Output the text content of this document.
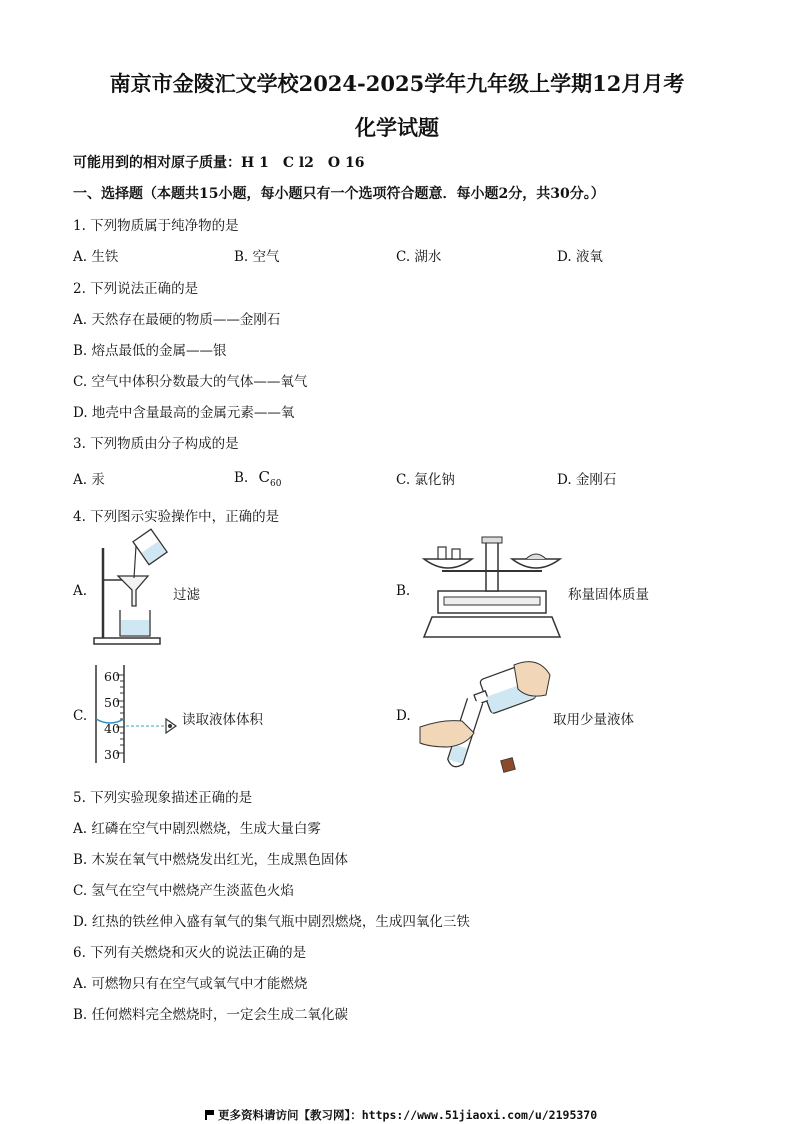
南京市金陵汇文学校2024-2025学年九年级上学期12月月考
化学试题
可能用到的相对原子质量：H 1　C l2　O 16
一、选择题（本题共15小题，每小题只有一个选项符合题意．每小题2分，共30分。）
1. 下列物质属于纯净物的是
A. 生铁	B. 空气	C. 湖水	D. 液氧
2. 下列说法正确的是
A. 天然存在最硬的物质——金刚石
B. 熔点最低的金属——银
C. 空气中体积分数最大的气体——氧气
D. 地壳中含量最高的金属元素——氧
3. 下列物质由分子构成的是
A. 汞	B. $C_{60}$	C. 氯化钠	D. 金刚石
4. 下列图示实验操作中，正确的是
A.	过滤	B.	称量固体质量
C.
60
50
40
30
读取液体体积	D.	取用少量液体
5. 下列实验现象描述正确的是
A. 红磷在空气中剧烈燃烧，生成大量白雾
B. 木炭在氧气中燃烧发出红光，生成黑色固体
C. 氢气在空气中燃烧产生淡蓝色火焰
D. 红热的铁丝伸入盛有氧气的集气瓶中剧烈燃烧，生成四氧化三铁
6. 下列有关燃烧和灭火的说法正确的是
A. 可燃物只有在空气或氧气中才能燃烧
B. 任何燃料完全燃烧时，一定会生成二氧化碳
更多资料请访问【教习网】：https://www.51jiaoxi.com/u/2195370
